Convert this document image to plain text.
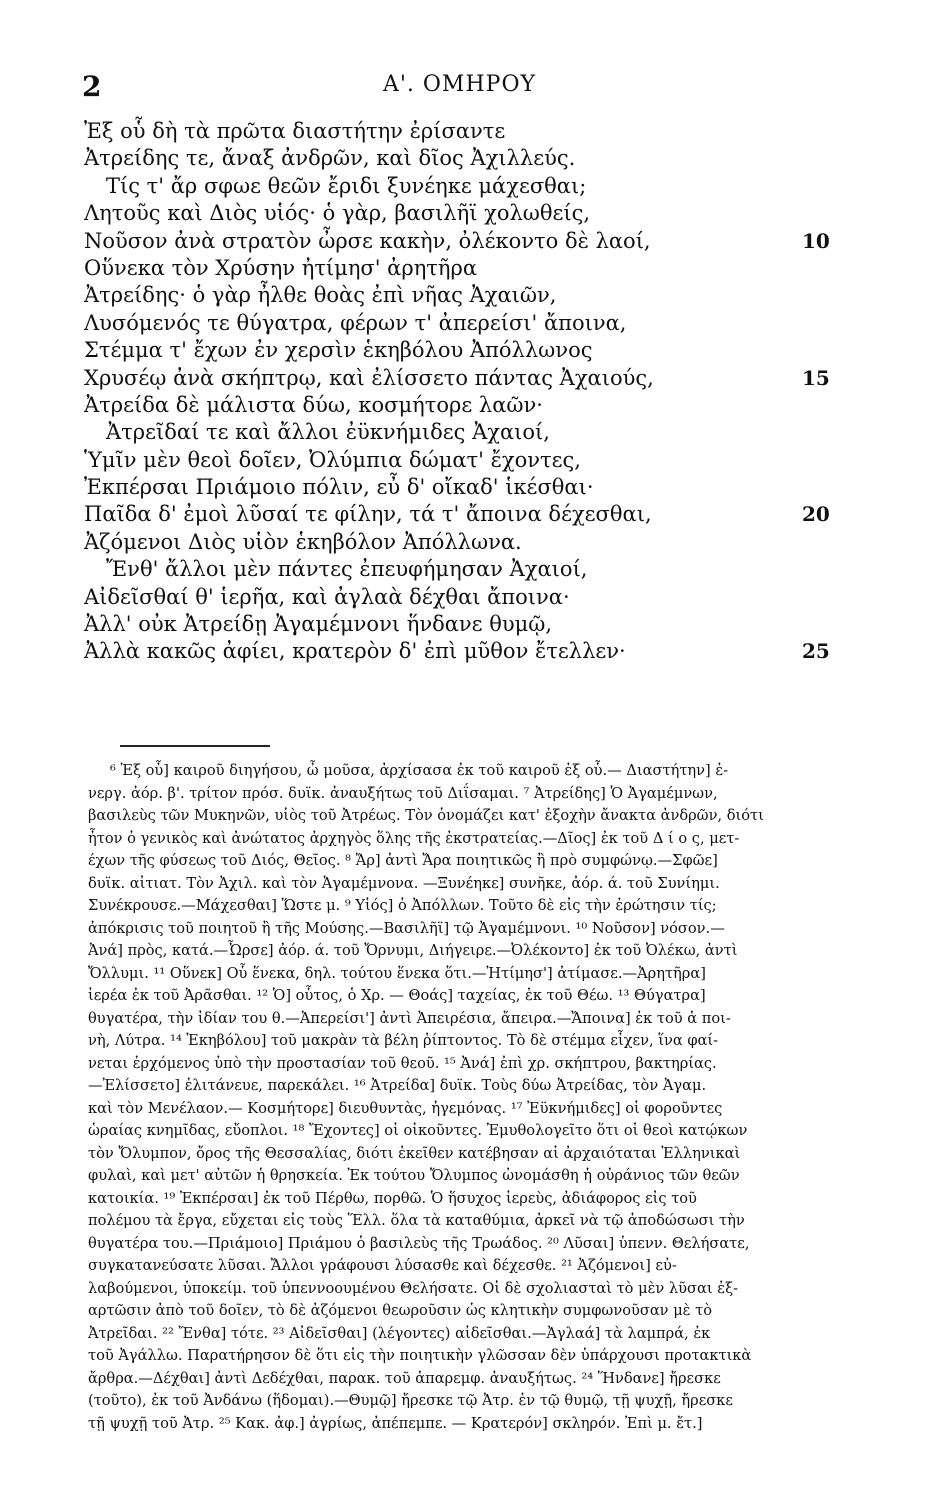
2	Α'. ΟΜΗΡΟΥ
Ἐξ οὗ δὴ τὰ πρῶτα διαστήτην ἐρίσαντε
Ἀτρείδης τε, ἄναξ ἀνδρῶν, καὶ δῖος Ἀχιλλεύς.
Τίς τ' ἄρ σφωε θεῶν ἔριδι ξυνέηκε μάχεσθαι;
Λητοῦς καὶ Διὸς υἱός· ὁ γὰρ, βασιλῆϊ χολωθείς,
Νοῦσον ἀνὰ στρατὸν ὦρσε κακὴν, ὀλέκοντο δὲ λαοί,	10
Οὕνεκα τὸν Χρύσην ἠτίμησ' ἀρητῆρα
Ἀτρείδης· ὁ γὰρ ἦλθε θοὰς ἐπὶ νῆας Ἀχαιῶν,
Λυσόμενός τε θύγατρα, φέρων τ' ἀπερείσι' ἄποινα,
Στέμμα τ' ἔχων ἐν χερσὶν ἑκηβόλου Ἀπόλλωνος
Χρυσέῳ ἀνὰ σκήπτρῳ, καὶ ἐλίσσετο πάντας Ἀχαιούς,	15
Ἀτρείδα δὲ μάλιστα δύω, κοσμήτορε λαῶν·
Ἀτρεῖδαί τε καὶ ἄλλοι ἐϋκνήμιδες Ἀχαιοί,
Ὑμῖν μὲν θεοὶ δοῖεν, Ὀλύμπια δώματ' ἔχοντες,
Ἐκπέρσαι Πριάμοιο πόλιν, εὖ δ' οἴκαδ' ἱκέσθαι·
Παῖδα δ' ἐμοὶ λῦσαί τε φίλην, τά τ' ἄποινα δέχεσθαι,	20
Ἀζόμενοι Διὸς υἱὸν ἑκηβόλον Ἀπόλλωνα.
Ἔνθ' ἄλλοι μὲν πάντες ἐπευφήμησαν Ἀχαιοί,
Αἰδεῖσθαί θ' ἱερῆα, καὶ ἀγλαὰ δέχθαι ἄποινα·
Ἀλλ' οὐκ Ἀτρείδῃ Ἀγαμέμνονι ἥνδανε θυμῷ,
Ἀλλὰ κακῶς ἀφίει, κρατερὸν δ' ἐπὶ μῦθον ἔτελλεν·	25
⁶ Ἐξ οὗ] καιροῦ διηγήσου, ὦ μοῦσα, ἀρχίσασα ἐκ τοῦ καιροῦ ἐξ οὗ.— Διαστήτην] ἐ-
νεργ. ἀόρ. β'. τρίτον πρόσ. δυϊκ. ἀναυξήτως τοῦ Διΐσαμαι. ⁷ Ἀτρείδης] Ὁ Ἀγαμέμνων,
βασιλεὺς τῶν Μυκηνῶν, υἱὸς τοῦ Ἀτρέως. Τὸν ὀνομάζει κατ' ἐξοχὴν ἄνακτα ἀνδρῶν, διότι
ἦτον ὁ γενικὸς καὶ ἀνώτατος ἀρχηγὸς ὅλης τῆς ἐκστρατείας.—Δῖος] ἐκ τοῦ Δ ί ο ς, μετ-
έχων τῆς φύσεως τοῦ Διός, Θεῖος. ⁸ Ἄρ] ἀντὶ Ἄρα ποιητικῶς ἢ πρὸ συμφώνῳ.—Σφῶε]
δυϊκ. αἰτιατ. Τὸν Ἀχιλ. καὶ τὸν Ἀγαμέμνονα. —Ξυνέηκε] συνῆκε, ἀόρ. ά. τοῦ Συνίημι.
Συνέκρουσε.—Μάχεσθαι] Ὥστε μ. ⁹ Υἱός] ὁ Ἀπόλλων. Τοῦτο δὲ εἰς τὴν ἐρώτησιν τίς;
ἀπόκρισις τοῦ ποιητοῦ ἢ τῆς Μούσης.—Βασιλῆϊ] τῷ Ἀγαμέμνονι. ¹⁰ Νοῦσον] νόσον.—
Ἀνά] πρὸς, κατά.—Ὦρσε] ἀόρ. ά. τοῦ Ὄρνυμι, Διήγειρε.—Ὀλέκοντο] ἐκ τοῦ Ὀλέκω, ἀντὶ
Ὄλλυμι. ¹¹ Οὕνεκ] Οὗ ἕνεκα, δηλ. τούτου ἕνεκα ὅτι.—Ἠτίμησ'] ἀτίμασε.—Ἀρητῆρα]
ἱερέα ἐκ τοῦ Ἀρᾶσθαι. ¹² Ὁ] οὗτος, ὁ Χρ. — Θοάς] ταχείας, ἐκ τοῦ Θέω. ¹³ Θύγατρα]
θυγατέρα, τὴν ἰδίαν του θ.—Ἀπερείσι'] ἀντὶ Ἀπειρέσια, ἄπειρα.—Ἄποινα] ἐκ τοῦ ἀ ποι-
νὴ, Λύτρα. ¹⁴ Ἑκηβόλου] τοῦ μακρὰν τὰ βέλη ῥίπτοντος. Τὸ δὲ στέμμα εἶχεν, ἵνα φαί-
νεται ἐρχόμενος ὑπὸ τὴν προστασίαν τοῦ θεοῦ. ¹⁵ Ἀνά] ἐπὶ χρ. σκήπτρου, βακτηρίας.
—Ἐλίσσετο] ἐλιτάνευε, παρεκάλει. ¹⁶ Ἀτρείδα] δυϊκ. Τοὺς δύω Ἀτρείδας, τὸν Ἀγαμ.
καὶ τὸν Μενέλαον.— Κοσμήτορε] διευθυντὰς, ἡγεμόνας. ¹⁷ Ἐϋκνήμιδες] οἱ φοροῦντες
ὡραίας κνημῖδας, εὔοπλοι. ¹⁸ Ἔχοντες] οἱ οἰκοῦντες. Ἐμυθολογεῖτο ὅτι οἱ θεοὶ κατῴκων
τὸν Ὄλυμπον, ὄρος τῆς Θεσσαλίας, διότι ἐκεῖθεν κατέβησαν αἱ ἀρχαιόταται Ἑλληνικαὶ
φυλαὶ, καὶ μετ' αὐτῶν ἡ θρησκεία. Ἐκ τούτου Ὄλυμπος ὠνομάσθη ἡ οὐράνιος τῶν θεῶν
κατοικία. ¹⁹ Ἐκπέρσαι] ἐκ τοῦ Πέρθω, πορθῶ. Ὁ ἥσυχος ἱερεὺς, ἀδιάφορος εἰς τοῦ
πολέμου τὰ ἔργα, εὔχεται εἰς τοὺς Ἕλλ. ὅλα τὰ καταθύμια, ἀρκεῖ νὰ τῷ ἀποδώσωσι τὴν
θυγατέρα του.—Πριάμοιο] Πριάμου ὁ βασιλεὺς τῆς Τρωάδος. ²⁰ Λῦσαι] ὑπενν. Θελήσατε,
συγκατανεύσατε λῦσαι. Ἄλλοι γράφουσι λύσασθε καὶ δέχεσθε. ²¹ Ἀζόμενοι] εὐ-
λαβούμενοι, ὑποκείμ. τοῦ ὑπεννοουμένου Θελήσατε. Οἱ δὲ σχολιασταὶ τὸ μὲν λῦσαι ἐξ-
αρτῶσιν ἀπὸ τοῦ δοῖεν, τὸ δὲ ἀζόμενοι θεωροῦσιν ὡς κλητικὴν συμφωνοῦσαν μὲ τὸ
Ἀτρεῖδαι. ²² Ἔνθα] τότε. ²³ Αἰδεῖσθαι] (λέγοντες) αἰδεῖσθαι.—Ἀγλαά] τὰ λαμπρά, ἐκ
τοῦ Ἀγάλλω. Παρατήρησον δὲ ὅτι εἰς τὴν ποιητικὴν γλῶσσαν δὲν ὑπάρχουσι προτακτικὰ
ἄρθρα.—Δέχθαι] ἀντὶ Δεδέχθαι, παρακ. τοῦ ἀπαρεμφ. ἀναυξήτως. ²⁴ Ἥνδανε] ἤρεσκε
(τοῦτο), ἐκ τοῦ Ἀνδάνω (ἥδομαι).—Θυμῷ] ἤρεσκε τῷ Ἀτρ. ἐν τῷ θυμῷ, τῇ ψυχῇ, ἤρεσκε
τῇ ψυχῇ τοῦ Ἀτρ. ²⁵ Κακ. ἀφ.] ἀγρίως, ἀπέπεμπε. — Κρατερόν] σκληρόν. Ἐπὶ μ. ἔτ.]
